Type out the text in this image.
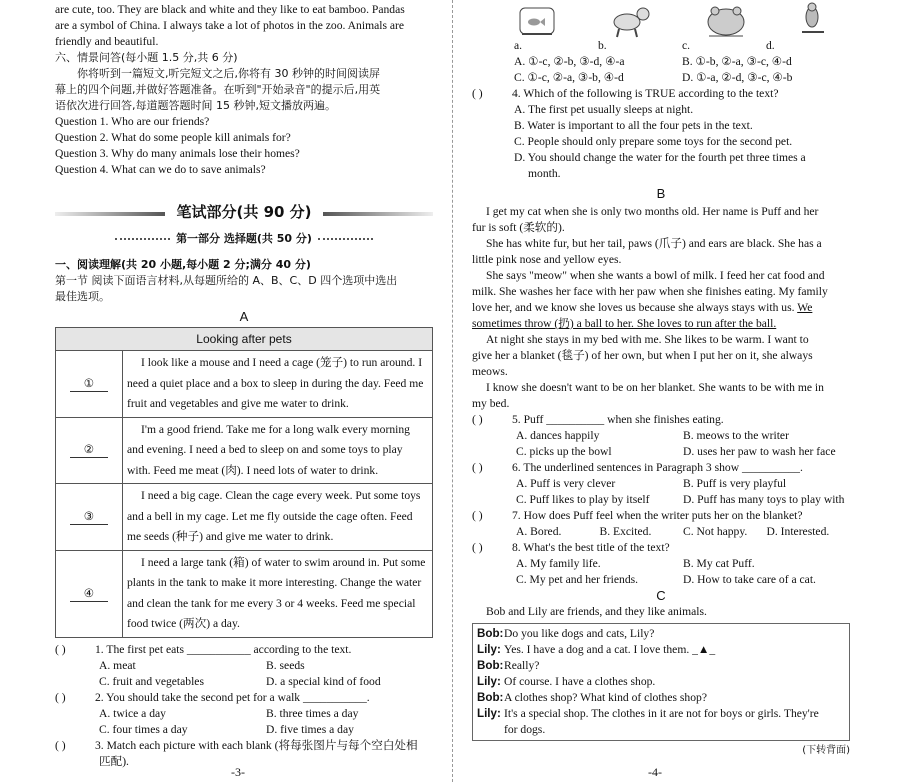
are cute, too. They are black and white and they like to eat bamboo. Pandas

are a symbol of China. I always take a lot of photos in the zoo. Animals are

friendly and beautiful.

六、情景问答(每小题 1.5 分,共 6 分)

你将听到一篇短文,听完短文之后,你将有 30 秒钟的时间阅读屏

幕上的四个问题,并做好答题准备。在听到"开始录音"的提示后,用英

语依次进行回答,每道题答题时间 15 秒钟,短文播放两遍。

Question 1. Who are our friends?

Question 2. What do some people kill animals for?

Question 3. Why do many animals lose their homes?

Question 4. What can we do to save animals?

笔试部分(共 90 分)
第一部分 选择题(共 50 分)

一、阅读理解(共 20 小题,每小题 2 分;满分 40 分)

第一节 阅读下面语言材料,从每题所给的 A、B、C、D 四个选项中选出

最佳选项。

A
Looking after pets	
①	I look like a mouse and I need a cage (笼子) to run around. I need a quiet place and a box to sleep in during the day. Feed me fruit and vegetables and give me water to drink.
②	I'm a good friend. Take me for a long walk every morning and evening. I need a bed to sleep on and some toys to play with. Feed me meat (肉). I need lots of water to drink.
③	I need a big cage. Clean the cage every week. Put some toys and a bell in my cage. Let me fly outside the cage often. Feed me seeds (种子) and give me water to drink.
④	I need a large tank (箱) of water to swim around in. Put some plants in the tank to make it more interesting. Change the water and clean the tank for me every 3 or 4 weeks. Feed me special food twice (两次) a day.

( )	1. The first pet eats ___________ according to the text.

A. meat	B. seeds
C. fruit and vegetables	D. a special kind of food

( )	2. You should take the second pet for a walk ___________.

A. twice a day	B. three times a day
C. four times a day	D. five times a day

( )	3. Match each picture with each blank (将每张图片与每个空白处相

匹配).

-3-
a.	b.	c.	d.
A. ①-c, ②-b, ③-d, ④-a	B. ①-b, ②-a, ③-c, ④-d
C. ①-c, ②-a, ③-b, ④-d	D. ①-a, ②-d, ③-c, ④-b

( )	4. Which of the following is TRUE according to the text?

A. The first pet usually sleeps at night.

B. Water is important to all the four pets in the text.

C. People should only prepare some toys for the second pet.

D. You should change the water for the fourth pet three times a

month.

B

I get my cat when she is only two months old. Her name is Puff and her

fur is soft (柔软的).

She has white fur, but her tail, paws (爪子) and ears are black. She has a

little pink nose and yellow eyes.

She says "meow" when she wants a bowl of milk. I feed her cat food and

milk. She washes her face with her paw when she finishes eating. My family

love her, and we know she loves us because she always stays with us. We

sometimes throw (扔) a ball to her. She loves to run after the ball.

At night she stays in my bed with me. She likes to be warm. I want to

give her a blanket (毯子) of her own, but when I put her on it, she always

meows.

I know she doesn't want to be on her blanket. She wants to be with me in

my bed.

( )	5. Puff __________ when she finishes eating.

A. dances happily	B. meows to the writer
C. picks up the bowl	D. uses her paw to wash her face

( )	6. The underlined sentences in Paragraph 3 show __________.

A. Puff is very clever	B. Puff is very playful
C. Puff likes to play by itself	D. Puff has many toys to play with

( )	7. How does Puff feel when the writer puts her on the blanket?

A. Bored.	B. Excited.	C. Not happy.	D. Interested.

( )	8. What's the best title of the text?

A. My family life.	B. My cat Puff.
C. My pet and her friends.	D. How to take care of a cat.
C

Bob and Lily are friends, and they like animals.

Bob: Do you like dogs and cats, Lily?
Lily: Yes. I have a dog and a cat. I love them. _▲_
Bob: Really?
Lily: Of course. I have a clothes shop.
Bob: A clothes shop? What kind of clothes shop?
Lily: It's a special shop. The clothes in it are not for boys or girls. They're
for dogs.
(下转背面)
-4-
